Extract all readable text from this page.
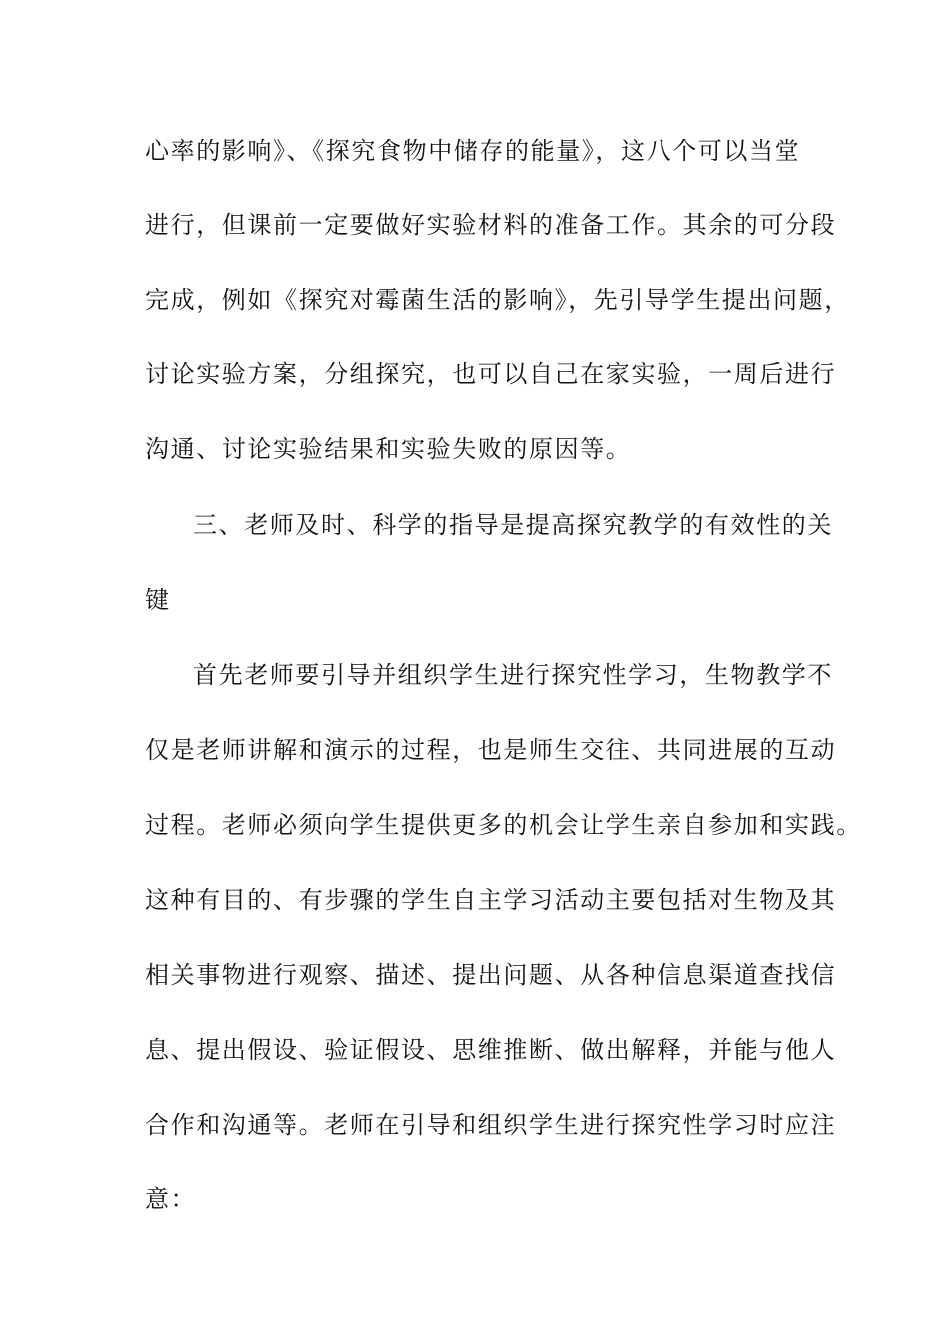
心率的影响》、《探究食物中储存的能量》，这八个可以当堂
进行，但课前一定要做好实验材料的准备工作。其余的可分段
完成，例如《探究对霉菌生活的影响》，先引导学生提出问题，
讨论实验方案，分组探究，也可以自己在家实验，一周后进行
沟通、讨论实验结果和实验失败的原因等。
三、老师及时、科学的指导是提高探究教学的有效性的关
键
首先老师要引导并组织学生进行探究性学习，生物教学不
仅是老师讲解和演示的过程，也是师生交往、共同进展的互动
过程。老师必须向学生提供更多的机会让学生亲自参加和实践。
这种有目的、有步骤的学生自主学习活动主要包括对生物及其
相关事物进行观察、描述、提出问题、从各种信息渠道查找信
息、提出假设、验证假设、思维推断、做出解释，并能与他人
合作和沟通等。老师在引导和组织学生进行探究性学习时应注
意：
